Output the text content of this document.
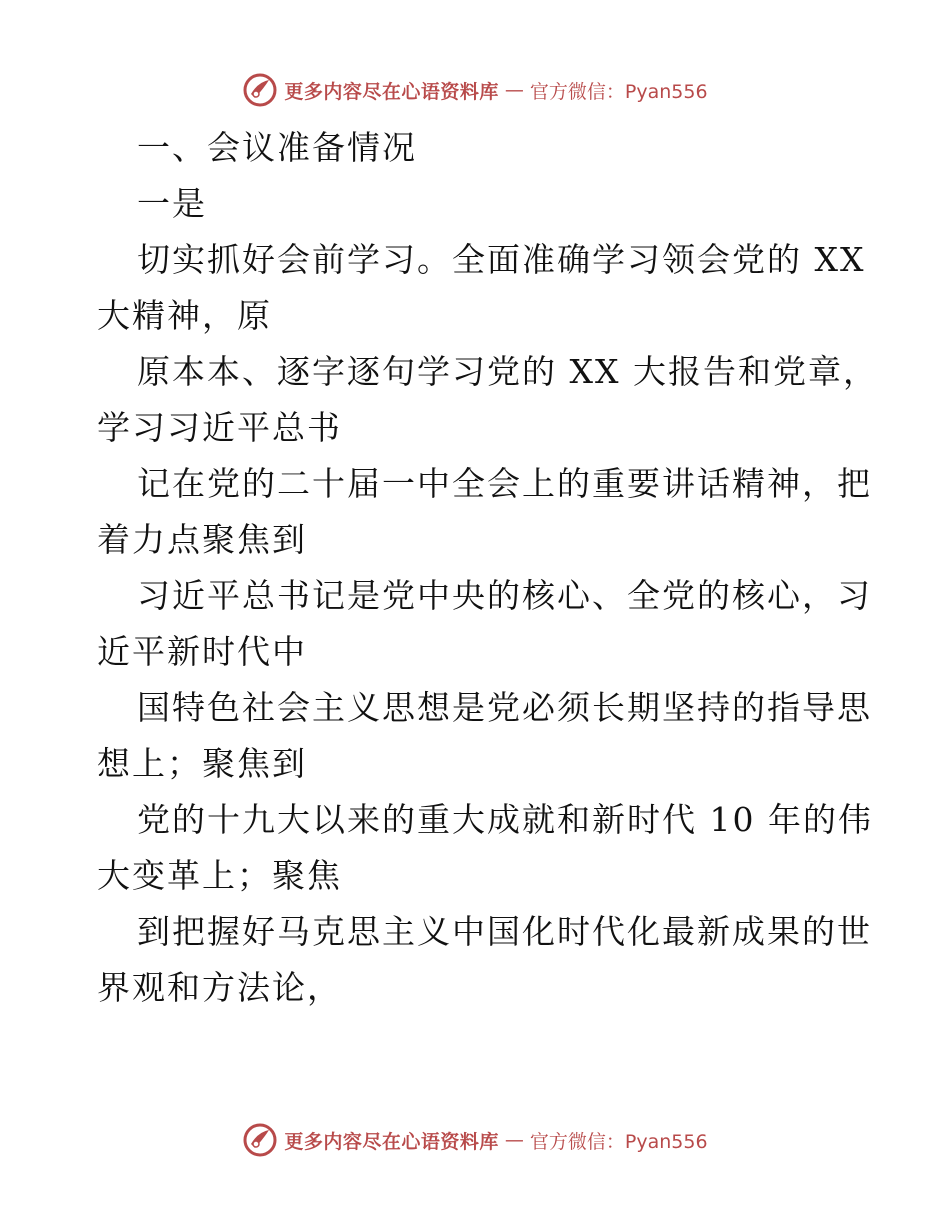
更多内容尽在心语资料库 — 官方微信：Pyan556
一、会议准备情况
一是
切实抓好会前学习。全面准确学习领会党的 XX
大精神，原
原本本、逐字逐句学习党的 XX 大报告和党章，
学习习近平总书
记在党的二十届一中全会上的重要讲话精神，把
着力点聚焦到
习近平总书记是党中央的核心、全党的核心，习
近平新时代中
国特色社会主义思想是党必须长期坚持的指导思
想上；聚焦到
党的十九大以来的重大成就和新时代 10 年的伟
大变革上；聚焦
到把握好马克思主义中国化时代化最新成果的世
界观和方法论，
更多内容尽在心语资料库 — 官方微信：Pyan556
